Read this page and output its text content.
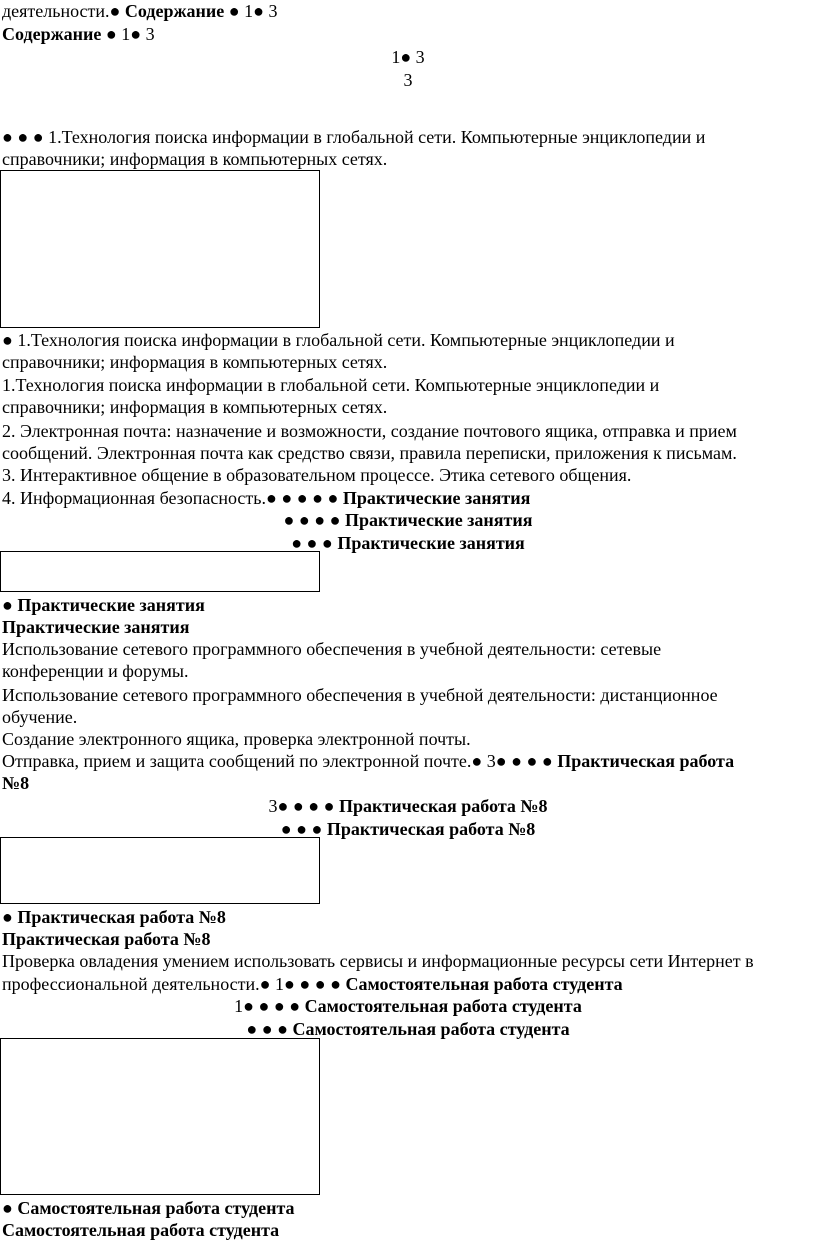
деятельности.● Содержание ● 1● 3
Содержание ● 1● 3
1● 3
3
● ● ● 1.Технология поиска информации в глобальной сети. Компьютерные энциклопедии и
справочники; информация в компьютерных сетях.
● 1.Технология поиска информации в глобальной сети. Компьютерные энциклопедии и
справочники; информация в компьютерных сетях.
1.Технология поиска информации в глобальной сети. Компьютерные энциклопедии и
справочники; информация в компьютерных сетях.
2. Электронная почта: назначение и возможности, создание почтового ящика, отправка и прием
сообщений. Электронная почта как средство связи, правила переписки, приложения к письмам.
3. Интерактивное общение в образовательном процессе. Этика сетевого общения.
4. Информационная безопасность.● ● ● ● ● Практические занятия
● ● ● ● Практические занятия
● ● ● Практические занятия
● Практические занятия
Практические занятия
Использование сетевого программного обеспечения в учебной деятельности: сетевые
конференции и форумы.
Использование сетевого программного обеспечения в учебной деятельности: дистанционное
обучение.
Создание электронного ящика, проверка электронной почты.
Отправка, прием и защита сообщений по электронной почте.● 3● ● ● ● Практическая работа
№8
3● ● ● ● Практическая работа №8
● ● ● Практическая работа №8
● Практическая работа №8
Практическая работа №8
Проверка овладения умением использовать сервисы и информационные ресурсы сети Интернет в
профессиональной деятельности.● 1● ● ● ● Самостоятельная работа студента
1● ● ● ● Самостоятельная работа студента
● ● ● Самостоятельная работа студента
● Самостоятельная работа студента
Самостоятельная работа студента
